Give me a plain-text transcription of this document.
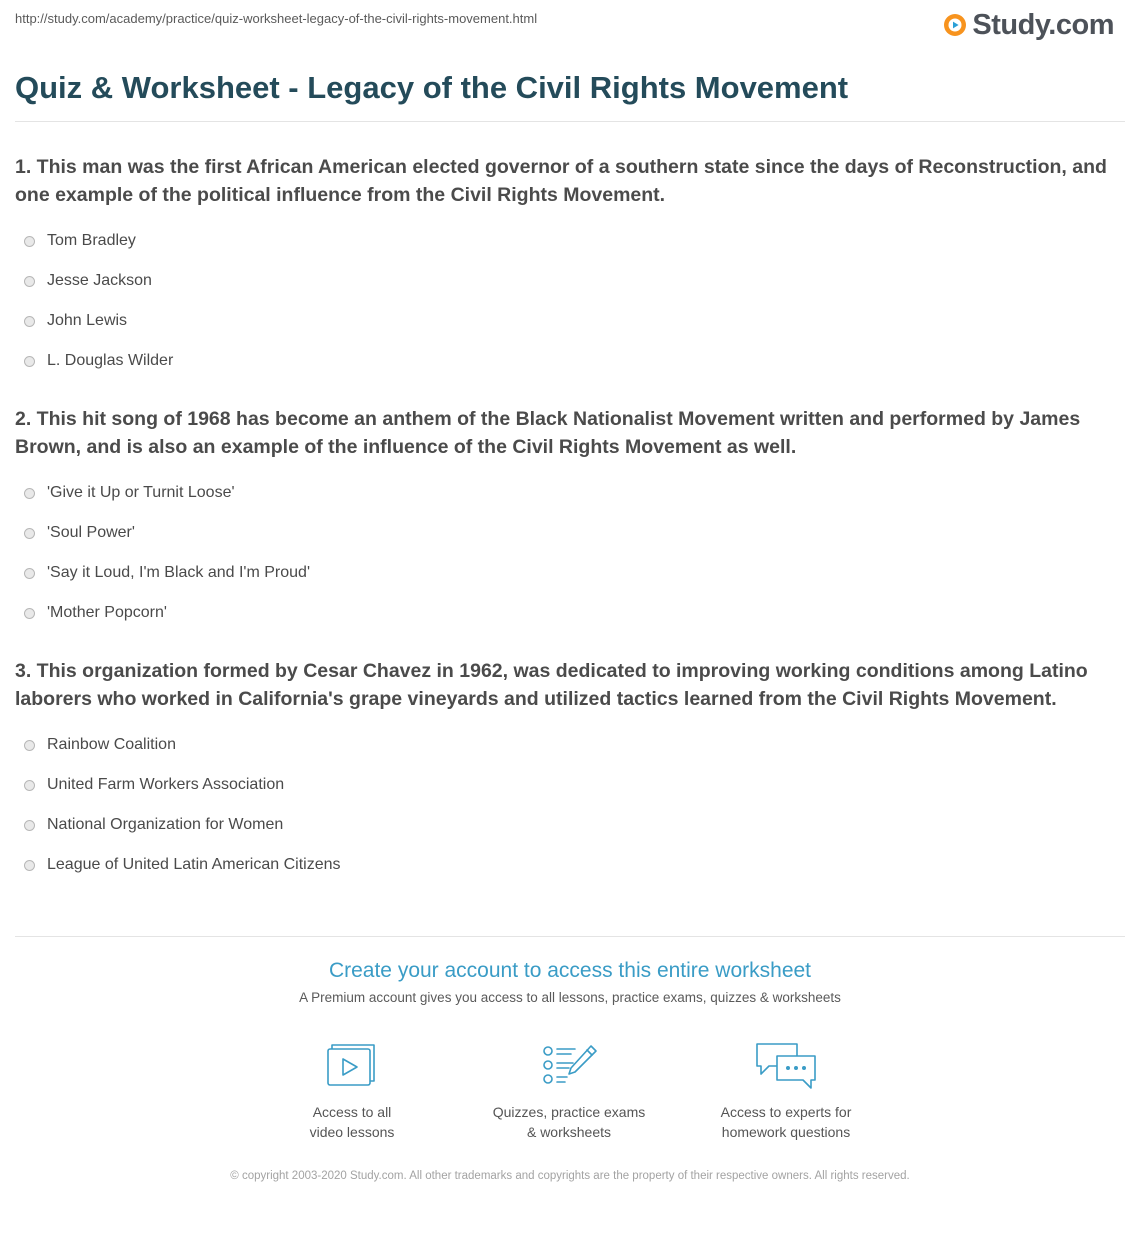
http://study.com/academy/practice/quiz-worksheet-legacy-of-the-civil-rights-movement.html	Study.com
Quiz & Worksheet - Legacy of the Civil Rights Movement

1. This man was the first African American elected governor of a southern state since the days of Reconstruction, and one example of the political influence from the Civil Rights Movement.

Tom Bradley
Jesse Jackson
John Lewis
L. Douglas Wilder

2. This hit song of 1968 has become an anthem of the Black Nationalist Movement written and performed by James Brown, and is also an example of the influence of the Civil Rights Movement as well.

'Give it Up or Turnit Loose'
'Soul Power'
'Say it Loud, I'm Black and I'm Proud'
'Mother Popcorn'

3. This organization formed by Cesar Chavez in 1962, was dedicated to improving working conditions among Latino laborers who worked in California's grape vineyards and utilized tactics learned from the Civil Rights Movement.

Rainbow Coalition
United Farm Workers Association
National Organization for Women
League of United Latin American Citizens
Create your account to access this entire worksheet
A Premium account gives you access to all lessons, practice exams, quizzes & worksheets
Access to all
video lessons
Quizzes, practice exams
& worksheets
Access to experts for
homework questions
© copyright 2003-2020 Study.com. All other trademarks and copyrights are the property of their respective owners. All rights reserved.
